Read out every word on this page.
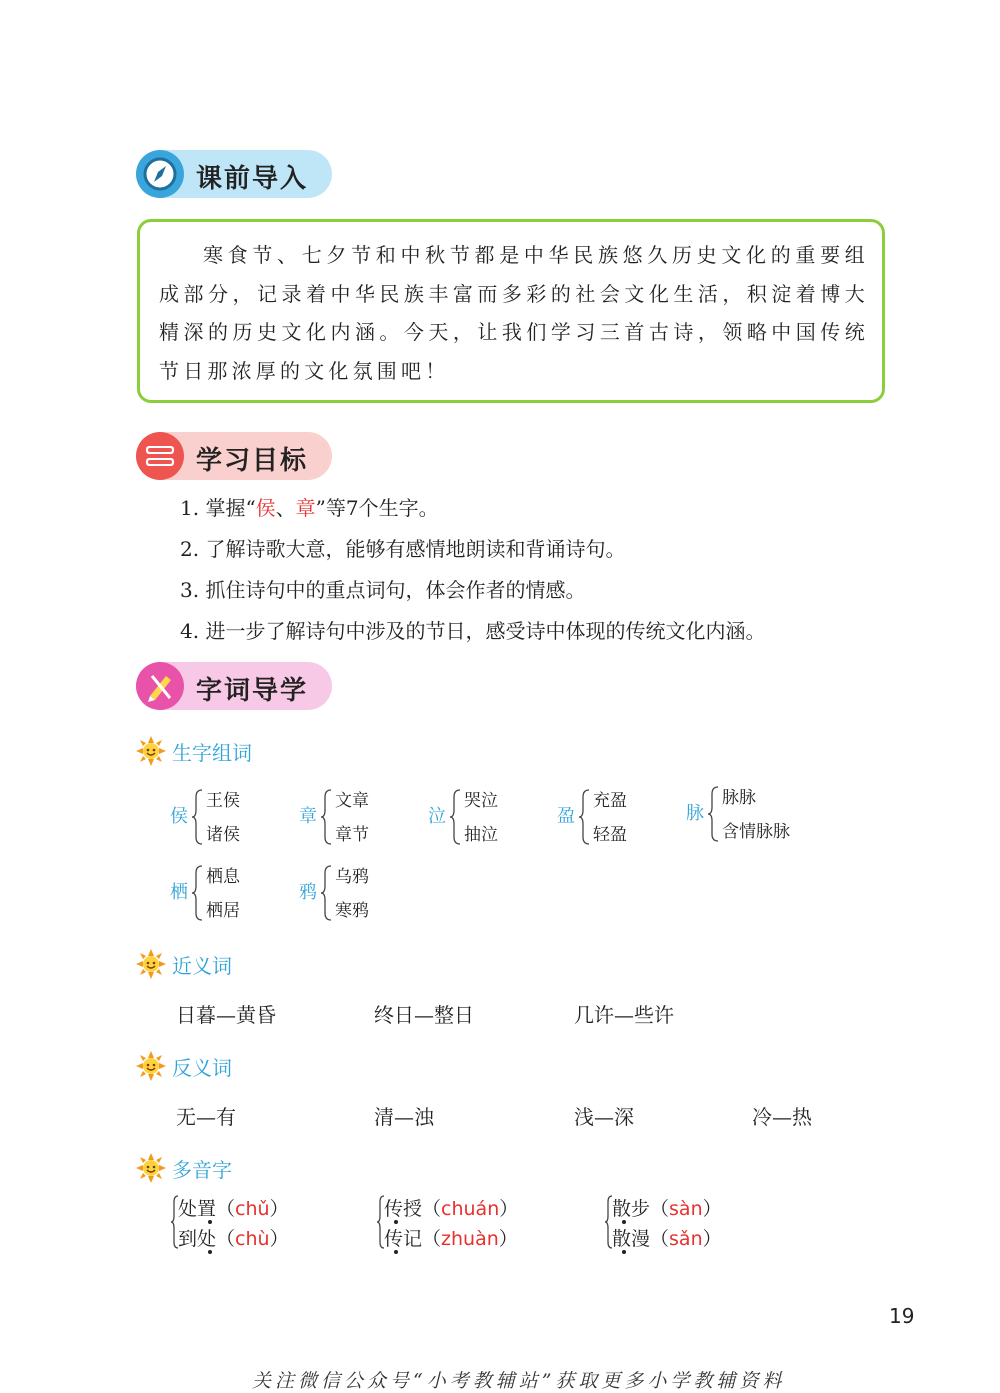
课前导入
寒食节、七夕节和中秋节都是中华民族悠久历史文化的重要组成部分，记录着中华民族丰富而多彩的社会文化生活，积淀着博大精深的历史文化内涵。今天，让我们学习三首古诗，领略中国传统节日那浓厚的文化氛围吧！
学习目标
1. 掌握“侯、章”等7个生字。
2. 了解诗歌大意，能够有感情地朗读和背诵诗句。
3. 抓住诗句中的重点词句，体会作者的情感。
4. 进一步了解诗句中涉及的节日，感受诗中体现的传统文化内涵。
字词导学
生字组词
侯
王侯
诸侯
章
文章
章节
泣
哭泣
抽泣
盈
充盈
轻盈
脉
脉脉
含情脉脉
栖
栖息
栖居
鸦
乌鸦
寒鸦
近义词
日暮—黄昏	终日—整日	几许—些许
反义词
无—有	清—浊	浅—深	冷—热
多音字
处置（chǔ）
到处（chù）
传授（chuán）
传记（zhuàn）
散步（sàn）
散漫（sǎn）
19
关注微信公众号“小考教辅站”获取更多小学教辅资料
